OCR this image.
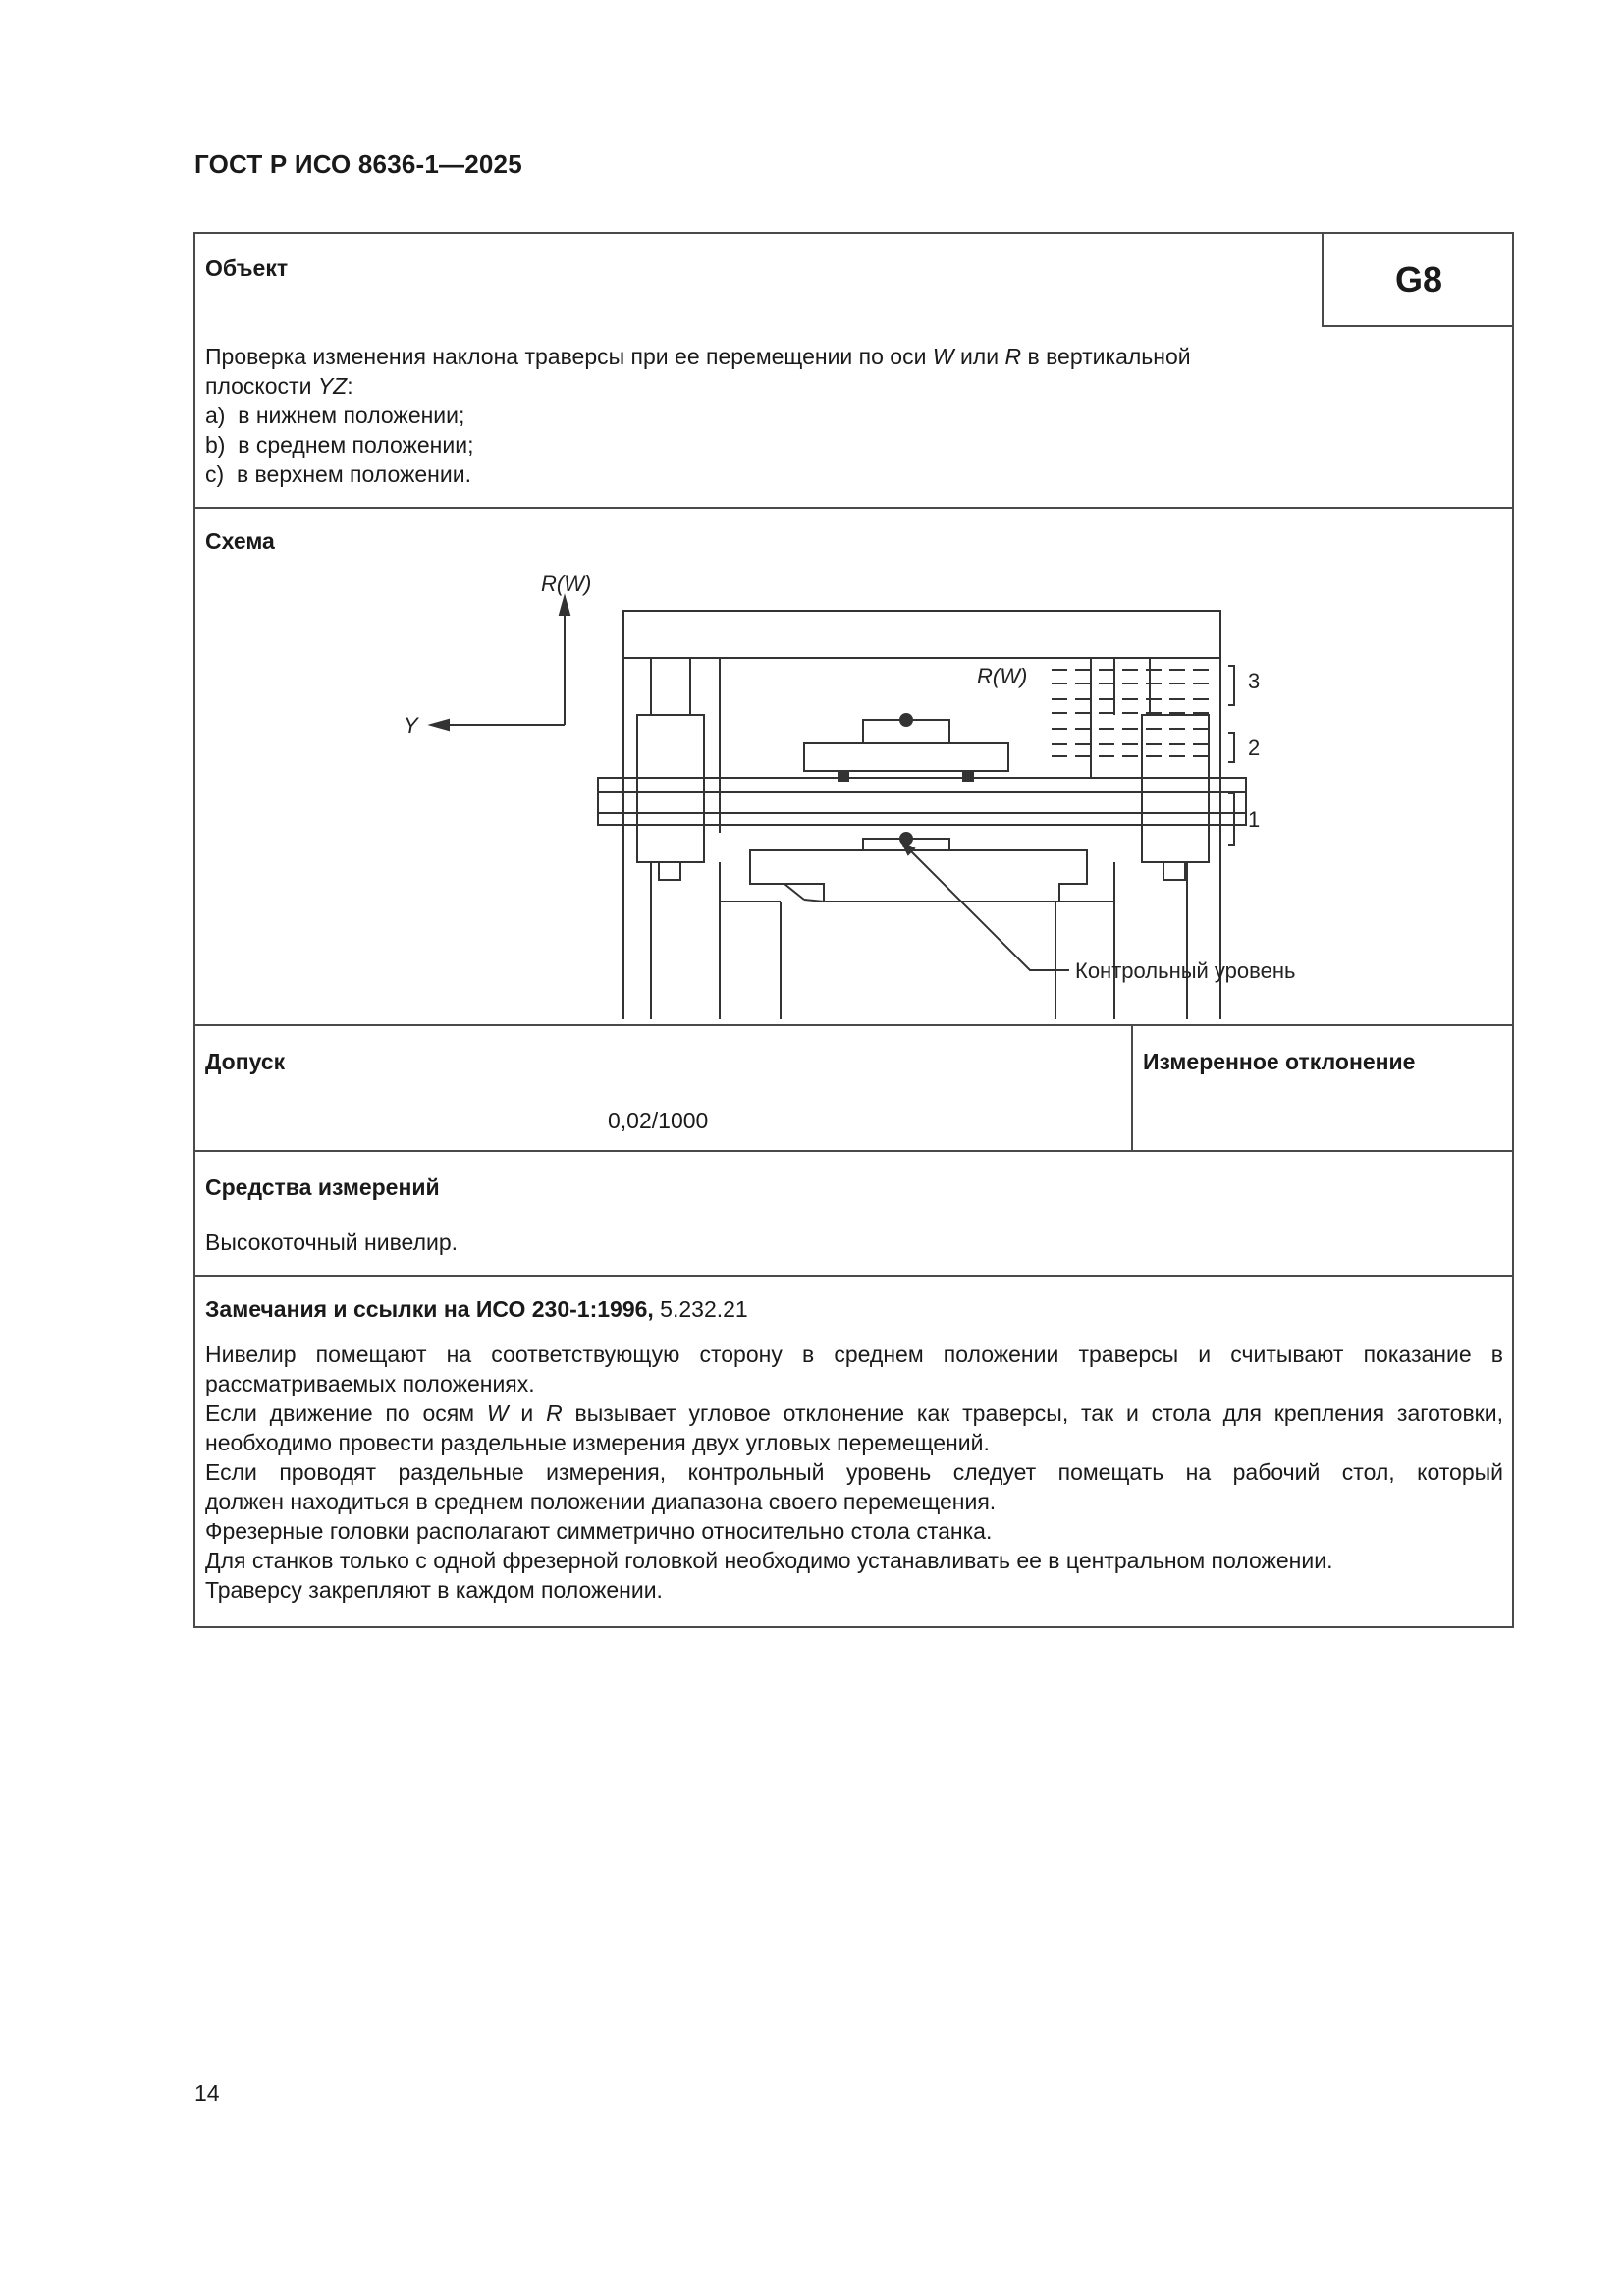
ГОСТ Р ИСО 8636-1—2025
Объект	G8
Проверка изменения наклона траверсы при ее перемещении по оси W или R в вертикальной
плоскости YZ:
a) в нижнем положении;
b) в среднем положении;
c) в верхнем положении.
Схема
R(W)
Y
R(W)	3
2
1
Контрольный уровень
Допуск
0,02/1000
Измеренное отклонение
Средства измерений
Высокоточный нивелир.
Замечания и ссылки на ИСО 230-1:1996, 5.232.21
Нивелир помещают на соответствующую сторону в среднем положении траверсы и считывают показание в
рассматриваемых положениях.
Если движение по осям W и R вызывает угловое отклонение как траверсы, так и стола для крепления заготовки,
необходимо провести раздельные измерения двух угловых перемещений.
Если проводят раздельные измерения, контрольный уровень следует помещать на рабочий стол, который
должен находиться в среднем положении диапазона своего перемещения.
Фрезерные головки располагают симметрично относительно стола станка.
Для станков только с одной фрезерной головкой необходимо устанавливать ее в центральном положении.
Траверсу закрепляют в каждом положении.
14
